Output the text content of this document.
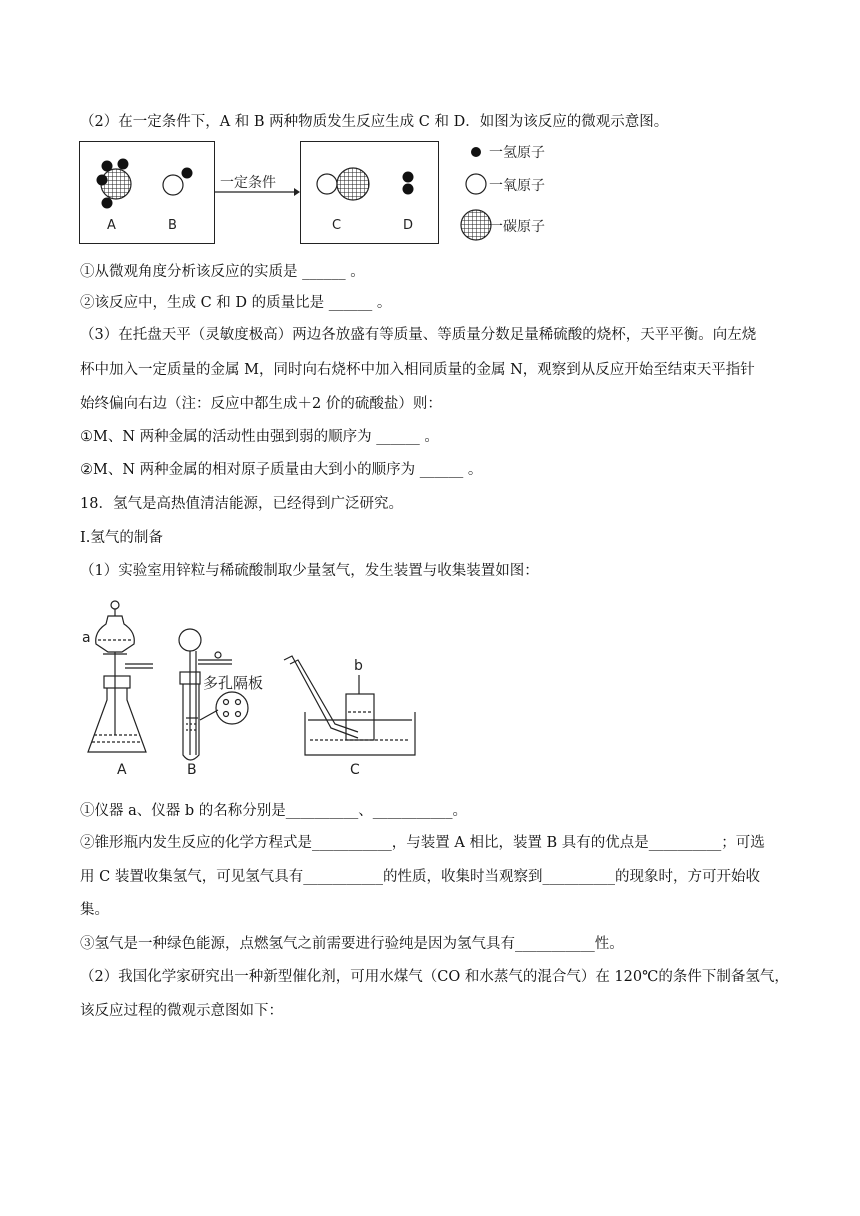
（2）在一定条件下，A 和 B 两种物质发生反应生成 C 和 D．如图为该反应的微观示意图。
一定条件
A	B	C	D
一氢原子
一氧原子
一碳原子
①从微观角度分析该反应的实质是 ______ 。
②该反应中，生成 C 和 D 的质量比是 ______ 。
（3）在托盘天平（灵敏度极高）两边各放盛有等质量、等质量分数足量稀硫酸的烧杯，天平平衡。向左烧
杯中加入一定质量的金属 M，同时向右烧杯中加入相同质量的金属 N，观察到从反应开始至结束天平指针
始终偏向右边（注：反应中都生成＋2 价的硫酸盐）则：
①M、N 两种金属的活动性由强到弱的顺序为 ______ 。
②M、N 两种金属的相对原子质量由大到小的顺序为 ______ 。
18．氢气是高热值清洁能源，已经得到广泛研究。
I.氢气的制备
（1）实验室用锌粒与稀硫酸制取少量氢气，发生装置与收集装置如图：
a
b
多孔隔板
A	B	C
①仪器 a、仪器 b 的名称分别是__________、___________。
②锥形瓶内发生反应的化学方程式是___________，与装置 A 相比，装置 B 具有的优点是__________；可选
用 C 装置收集氢气，可见氢气具有___________的性质，收集时当观察到__________的现象时，方可开始收
集。
③氢气是一种绿色能源，点燃氢气之前需要进行验纯是因为氢气具有___________性。
（2）我国化学家研究出一种新型催化剂，可用水煤气（CO 和水蒸气的混合气）在 120℃的条件下制备氢气，
该反应过程的微观示意图如下：
